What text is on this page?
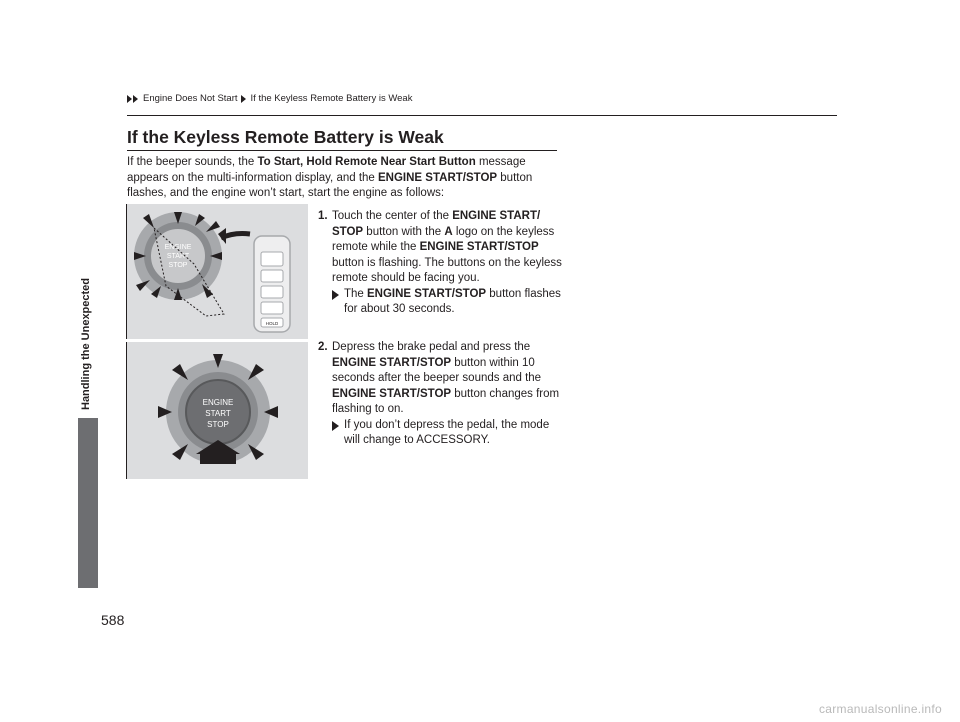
Engine Does Not Start If the Keyless Remote Battery is Weak
Handling the Unexpected
If the Keyless Remote Battery is Weak
If the beeper sounds, the To Start, Hold Remote Near Start Button message appears on the multi-information display, and the ENGINE START/STOP button flashes, and the engine won’t start, start the engine as follows:
ENGINE
START
STOP
HOLD
ENGINE
START
STOP
1. Touch the center of the ENGINE START/ STOP button with the A logo on the keyless remote while the ENGINE START/STOP button is flashing. The buttons on the keyless remote should be facing you.
The ENGINE START/STOP button flashes for about 30 seconds.
2. Depress the brake pedal and press the ENGINE START/STOP button within 10 seconds after the beeper sounds and the ENGINE START/STOP button changes from flashing to on.
If you don’t depress the pedal, the mode will change to ACCESSORY.
588
carmanualsonline.info
